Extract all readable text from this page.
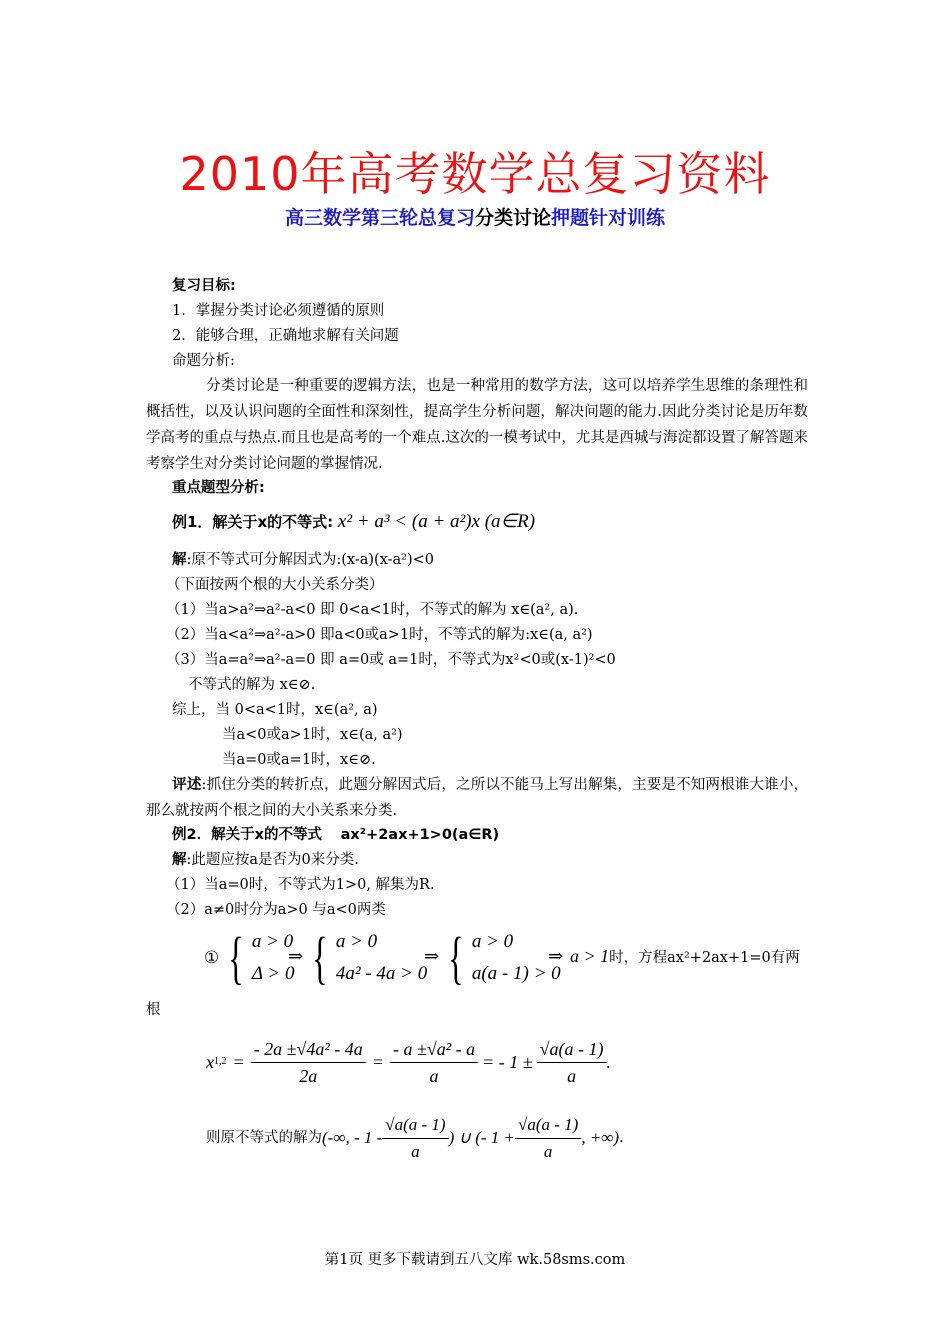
2010年高考数学总复习资料
高三数学第三轮总复习分类讨论押题针对训练
复习目标:
1．掌握分类讨论必须遵循的原则
2．能够合理，正确地求解有关问题
命题分析:
分类讨论是一种重要的逻辑方法，也是一种常用的数学方法，这可以培养学生思维的条理性和概括性，以及认识问题的全面性和深刻性，提高学生分析问题，解决问题的能力.因此分类讨论是历年数学高考的重点与热点.而且也是高考的一个难点.这次的一模考试中，尤其是西城与海淀都设置了解答题来考察学生对分类讨论问题的掌握情况.
重点题型分析:
例1．解关于x的不等式: x² + a³ < (a + a²)x (a∈R)
解:原不等式可分解因式为:(x-a)(x-a²)<0
（下面按两个根的大小关系分类）
（1）当a>a²⇒a²-a<0 即 0<a<1时，不等式的解为 x∈(a², a).
（2）当a<a²⇒a²-a>0 即a<0或a>1时，不等式的解为:x∈(a, a²)
（3）当a=a²⇒a²-a=0 即 a=0或 a=1时，不等式为x²<0或(x-1)²<0
不等式的解为 x∈⊘.
综上，当 0<a<1时，x∈(a², a)
当a<0或a>1时，x∈(a, a²)
当a=0或a=1时，x∈⊘.
评述:抓住分类的转折点，此题分解因式后，之所以不能马上写出解集，主要是不知两根谁大谁小，那么就按两个根之间的大小关系来分类.
例2．解关于x的不等式 ax²+2ax+1>0(a∈R)
解:此题应按a是否为0来分类.
（1）当a=0时，不等式为1>0, 解集为R.
（2）a≠0时分为a>0 与a<0两类
① { a > 0
Δ > 0
⇒ { a > 0
4a² - 4a > 0
⇒ { a > 0
a(a - 1) > 0
⇒ a > 1时，方程ax²+2ax+1=0有两
根
x $1,2 = \frac{\text{- 2a ±√4a² - 4a}}{2a} = \frac{\text{- a ±√a² - a}}{a}$ = - $1 \pm \frac{√a(a - 1)}{a}$ .
则原不等式的解为 (-∞, - $1 - \frac{√a(a - 1)}{a}$ ) ∪ (- $1 + \frac{√a(a - 1)}{a}$ , +∞) .
第1页 更多下载请到五八文库 wk.58sms.com
